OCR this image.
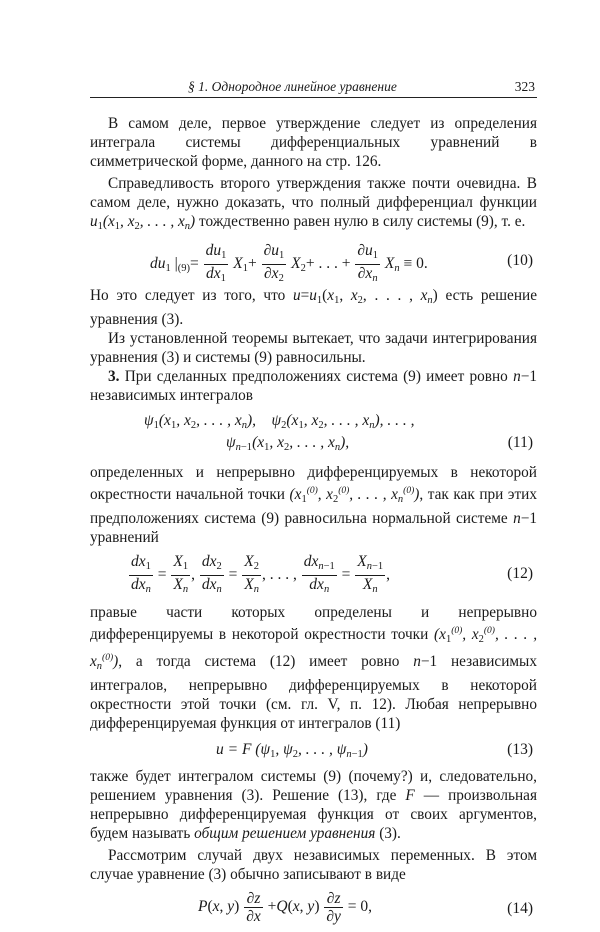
§ 1. Однородное линейное уравнение	323

В самом деле, первое утверждение следует из определения интеграла системы дифференциальных уравнений в симметрической форме, данного на стр. 126.

Справедливость второго утверждения также почти очевидна. В самом деле, нужно доказать, что полный дифференциал функции $u_1(x_1$, $x_2$, . . . , xn) тождественно равен нулю в силу системы (9), т. е.

$du_1$ $|_{(9)}= \frac{du_1}{dx_1} X_1+ \frac{\partial u_1}{\partial x_2} X_2+$ . . . + $\frac{\partial u_1}{\partial xn}$ Xn ≡ 0.	(10)

Но это следует из того, что $u=u_1(x_1$, $x_2$, . . . , xn) есть решение уравнения (3).

Из установленной теоремы вытекает, что задачи интегрирования уравнения (3) и системы (9) равносильны.

3. При сделанных предположениях система (9) имеет ровно n−1 независимых интегралов

$\psi_1(x_1$, $x_2$, . . . , xn),    $\psi_2(x_1$, $x_2$, . . . , xn), . . . ,
$\psi n_{-1}(x_1$, $x_2$, . . . , xn),	(11)

определенных и непрерывно дифференцируемых в некоторой окрестности начальной точки ($x_1^{(0)}$, $x_2^{(0)}$, . . . , $xn^{(0)}$), так как при этих предположениях система (9) равносильна нормальной системе n−1 уравнений

$\frac{dx_1}{\text{dxn}} = \frac{X_1}{Xn}$ , $\frac{dx_2}{\text{dxn}} = \frac{X_2}{Xn}$ , . . . , $\frac{dxn_{-1}}{\text{dxn}} = \frac{Xn_{-1}}{Xn}$ ,	(12)

правые части которых определены и непрерывно дифференцируемы в некоторой окрестности точки ($x_1^{(0)}$, $x_2^{(0)}$, . . . , $xn^{(0)}$), а тогда система (12) имеет ровно n−1 независимых интегралов, непрерывно дифференцируемых в некоторой окрестности этой точки (см. гл. V, п. 12). Любая непрерывно дифференцируемая функция от интегралов (11)

u = F ($\psi_1$, $\psi_2$, . . . , $\psi n_{-1}$)	(13)

также будет интегралом системы (9) (почему?) и, следовательно, решением уравнения (3). Решение (13), где F — произвольная непрерывно дифференцируемая функция от своих аргументов, будем называть общим решением уравнения (3).

Рассмотрим случай двух независимых переменных. В этом случае уравнение (3) обычно записывают в виде

P(x, $y) \frac{\partial z}{\partial x} +Q(x$, $y) \frac{\partial z}{\partial y} = 0$,	(14)
